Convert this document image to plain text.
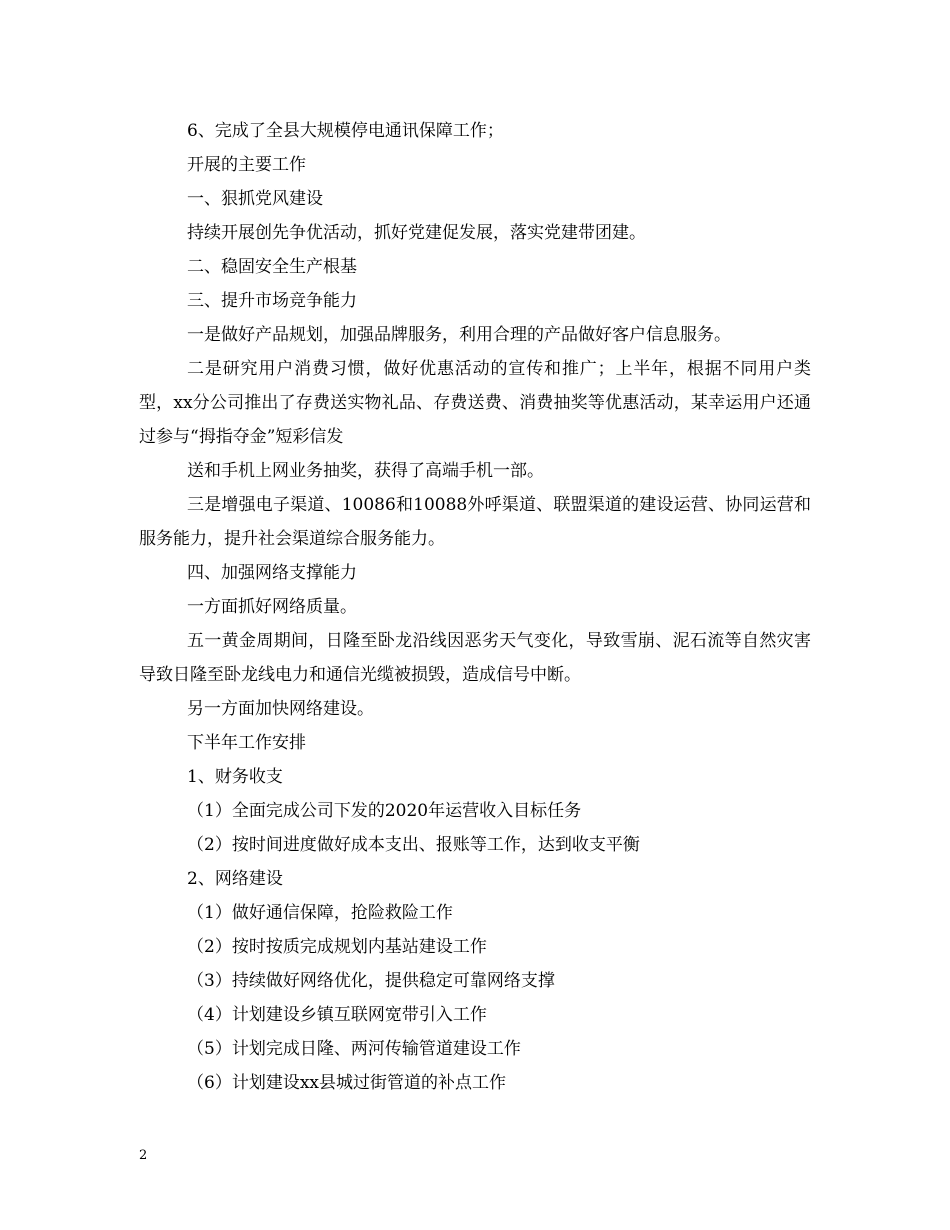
6、完成了全县大规模停电通讯保障工作；

开展的主要工作

一、狠抓党风建设

持续开展创先争优活动，抓好党建促发展，落实党建带团建。

二、稳固安全生产根基

三、提升市场竞争能力

一是做好产品规划，加强品牌服务，利用合理的产品做好客户信息服务。

二是研究用户消费习惯，做好优惠活动的宣传和推广；上半年，根据不同用户类型，xx分公司推出了存费送实物礼品、存费送费、消费抽奖等优惠活动，某幸运用户还通过参与“拇指夺金”短彩信发

送和手机上网业务抽奖，获得了高端手机一部。

三是增强电子渠道、10086和10088外呼渠道、联盟渠道的建设运营、协同运营和服务能力，提升社会渠道综合服务能力。

四、加强网络支撑能力

一方面抓好网络质量。

五一黄金周期间，日隆至卧龙沿线因恶劣天气变化，导致雪崩、泥石流等自然灾害导致日隆至卧龙线电力和通信光缆被损毁，造成信号中断。

另一方面加快网络建设。

下半年工作安排

1、财务收支

（1）全面完成公司下发的2020年运营收入目标任务

（2）按时间进度做好成本支出、报账等工作，达到收支平衡

2、网络建设

（1）做好通信保障，抢险救险工作

（2）按时按质完成规划内基站建设工作

（3）持续做好网络优化，提供稳定可靠网络支撑

（4）计划建设乡镇互联网宽带引入工作

（5）计划完成日隆、两河传输管道建设工作

（6）计划建设xx县城过街管道的补点工作

2
